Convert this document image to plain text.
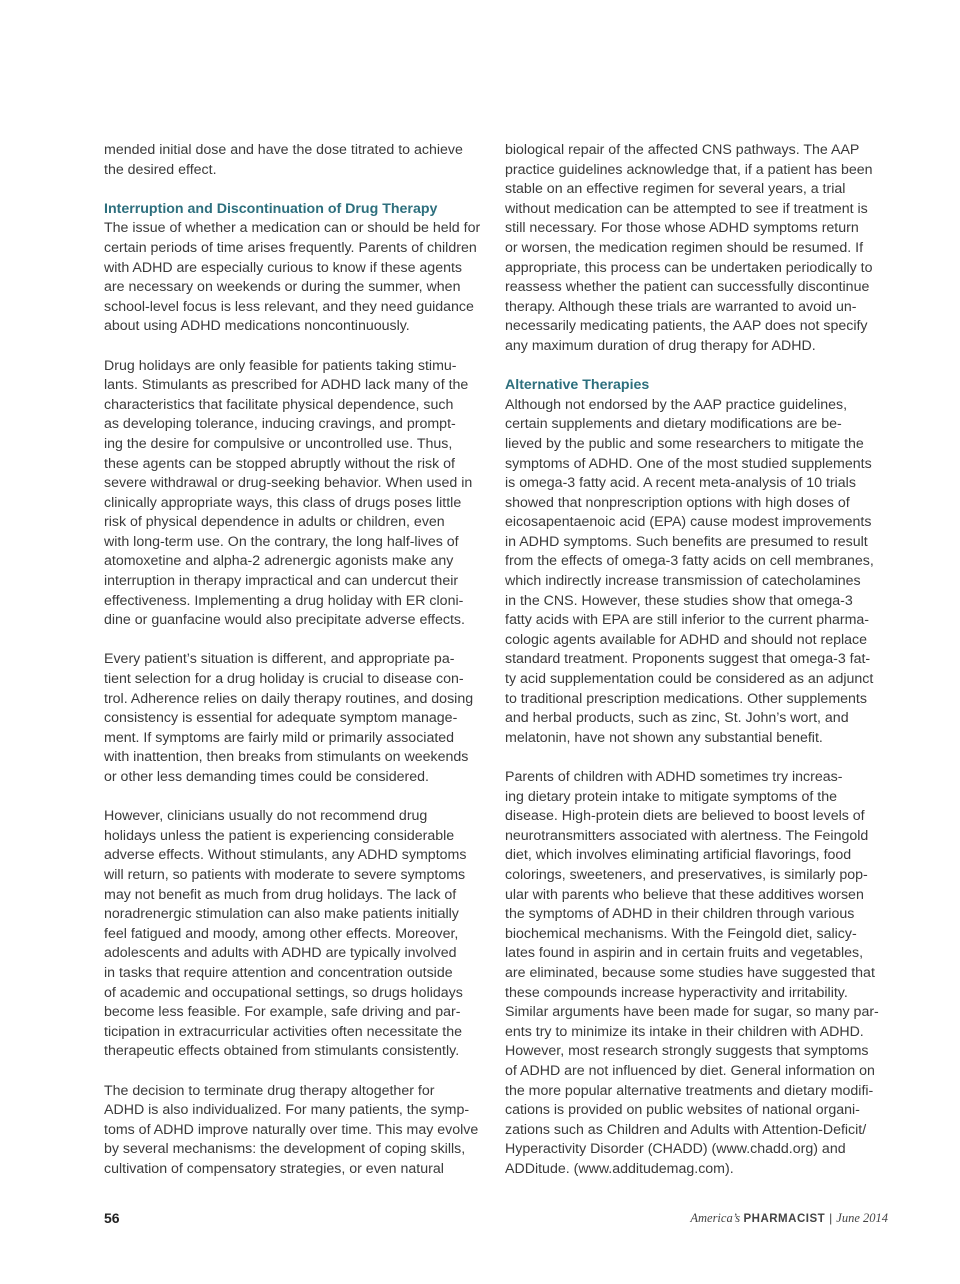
mended initial dose and have the dose titrated to achieve
the desired effect.
Interruption and Discontinuation of Drug Therapy
The issue of whether a medication can or should be held for
certain periods of time arises frequently. Parents of children
with ADHD are especially curious to know if these agents
are necessary on weekends or during the summer, when
school-level focus is less relevant, and they need guidance
about using ADHD medications noncontinuously.
Drug holidays are only feasible for patients taking stimu-
lants. Stimulants as prescribed for ADHD lack many of the
characteristics that facilitate physical dependence, such
as developing tolerance, inducing cravings, and prompt-
ing the desire for compulsive or uncontrolled use. Thus,
these agents can be stopped abruptly without the risk of
severe withdrawal or drug-seeking behavior. When used in
clinically appropriate ways, this class of drugs poses little
risk of physical dependence in adults or children, even
with long-term use. On the contrary, the long half-lives of
atomoxetine and alpha-2 adrenergic agonists make any
interruption in therapy impractical and can undercut their
effectiveness. Implementing a drug holiday with ER cloni-
dine or guanfacine would also precipitate adverse effects.
Every patient’s situation is different, and appropriate pa-
tient selection for a drug holiday is crucial to disease con-
trol. Adherence relies on daily therapy routines, and dosing
consistency is essential for adequate symptom manage-
ment. If symptoms are fairly mild or primarily associated
with inattention, then breaks from stimulants on weekends
or other less demanding times could be considered.
However, clinicians usually do not recommend drug
holidays unless the patient is experiencing considerable
adverse effects. Without stimulants, any ADHD symptoms
will return, so patients with moderate to severe symptoms
may not benefit as much from drug holidays. The lack of
noradrenergic stimulation can also make patients initially
feel fatigued and moody, among other effects. Moreover,
adolescents and adults with ADHD are typically involved
in tasks that require attention and concentration outside
of academic and occupational settings, so drugs holidays
become less feasible. For example, safe driving and par-
ticipation in extracurricular activities often necessitate the
therapeutic effects obtained from stimulants consistently.
The decision to terminate drug therapy altogether for
ADHD is also individualized. For many patients, the symp-
toms of ADHD improve naturally over time. This may evolve
by several mechanisms: the development of coping skills,
cultivation of compensatory strategies, or even natural
biological repair of the affected CNS pathways. The AAP
practice guidelines acknowledge that, if a patient has been
stable on an effective regimen for several years, a trial
without medication can be attempted to see if treatment is
still necessary. For those whose ADHD symptoms return
or worsen, the medication regimen should be resumed. If
appropriate, this process can be undertaken periodically to
reassess whether the patient can successfully discontinue
therapy. Although these trials are warranted to avoid un-
necessarily medicating patients, the AAP does not specify
any maximum duration of drug therapy for ADHD.
Alternative Therapies
Although not endorsed by the AAP practice guidelines,
certain supplements and dietary modifications are be-
lieved by the public and some researchers to mitigate the
symptoms of ADHD. One of the most studied supplements
is omega-3 fatty acid. A recent meta-analysis of 10 trials
showed that nonprescription options with high doses of
eicosapentaenoic acid (EPA) cause modest improvements
in ADHD symptoms. Such benefits are presumed to result
from the effects of omega-3 fatty acids on cell membranes,
which indirectly increase transmission of catecholamines
in the CNS. However, these studies show that omega-3
fatty acids with EPA are still inferior to the current pharma-
cologic agents available for ADHD and should not replace
standard treatment. Proponents suggest that omega-3 fat-
ty acid supplementation could be considered as an adjunct
to traditional prescription medications. Other supplements
and herbal products, such as zinc, St. John’s wort, and
melatonin, have not shown any substantial benefit.
Parents of children with ADHD sometimes try increas-
ing dietary protein intake to mitigate symptoms of the
disease. High-protein diets are believed to boost levels of
neurotransmitters associated with alertness. The Feingold
diet, which involves eliminating artificial flavorings, food
colorings, sweeteners, and preservatives, is similarly pop-
ular with parents who believe that these additives worsen
the symptoms of ADHD in their children through various
biochemical mechanisms. With the Feingold diet, salicy-
lates found in aspirin and in certain fruits and vegetables,
are eliminated, because some studies have suggested that
these compounds increase hyperactivity and irritability.
Similar arguments have been made for sugar, so many par-
ents try to minimize its intake in their children with ADHD.
However, most research strongly suggests that symptoms
of ADHD are not influenced by diet. General information on
the more popular alternative treatments and dietary modifi-
cations is provided on public websites of national organi-
zations such as Children and Adults with Attention-Deficit/
Hyperactivity Disorder (CHADD) (www.chadd.org) and
ADDitude. (www.additudemag.com).
56	America’s PHARMACIST | June 2014
